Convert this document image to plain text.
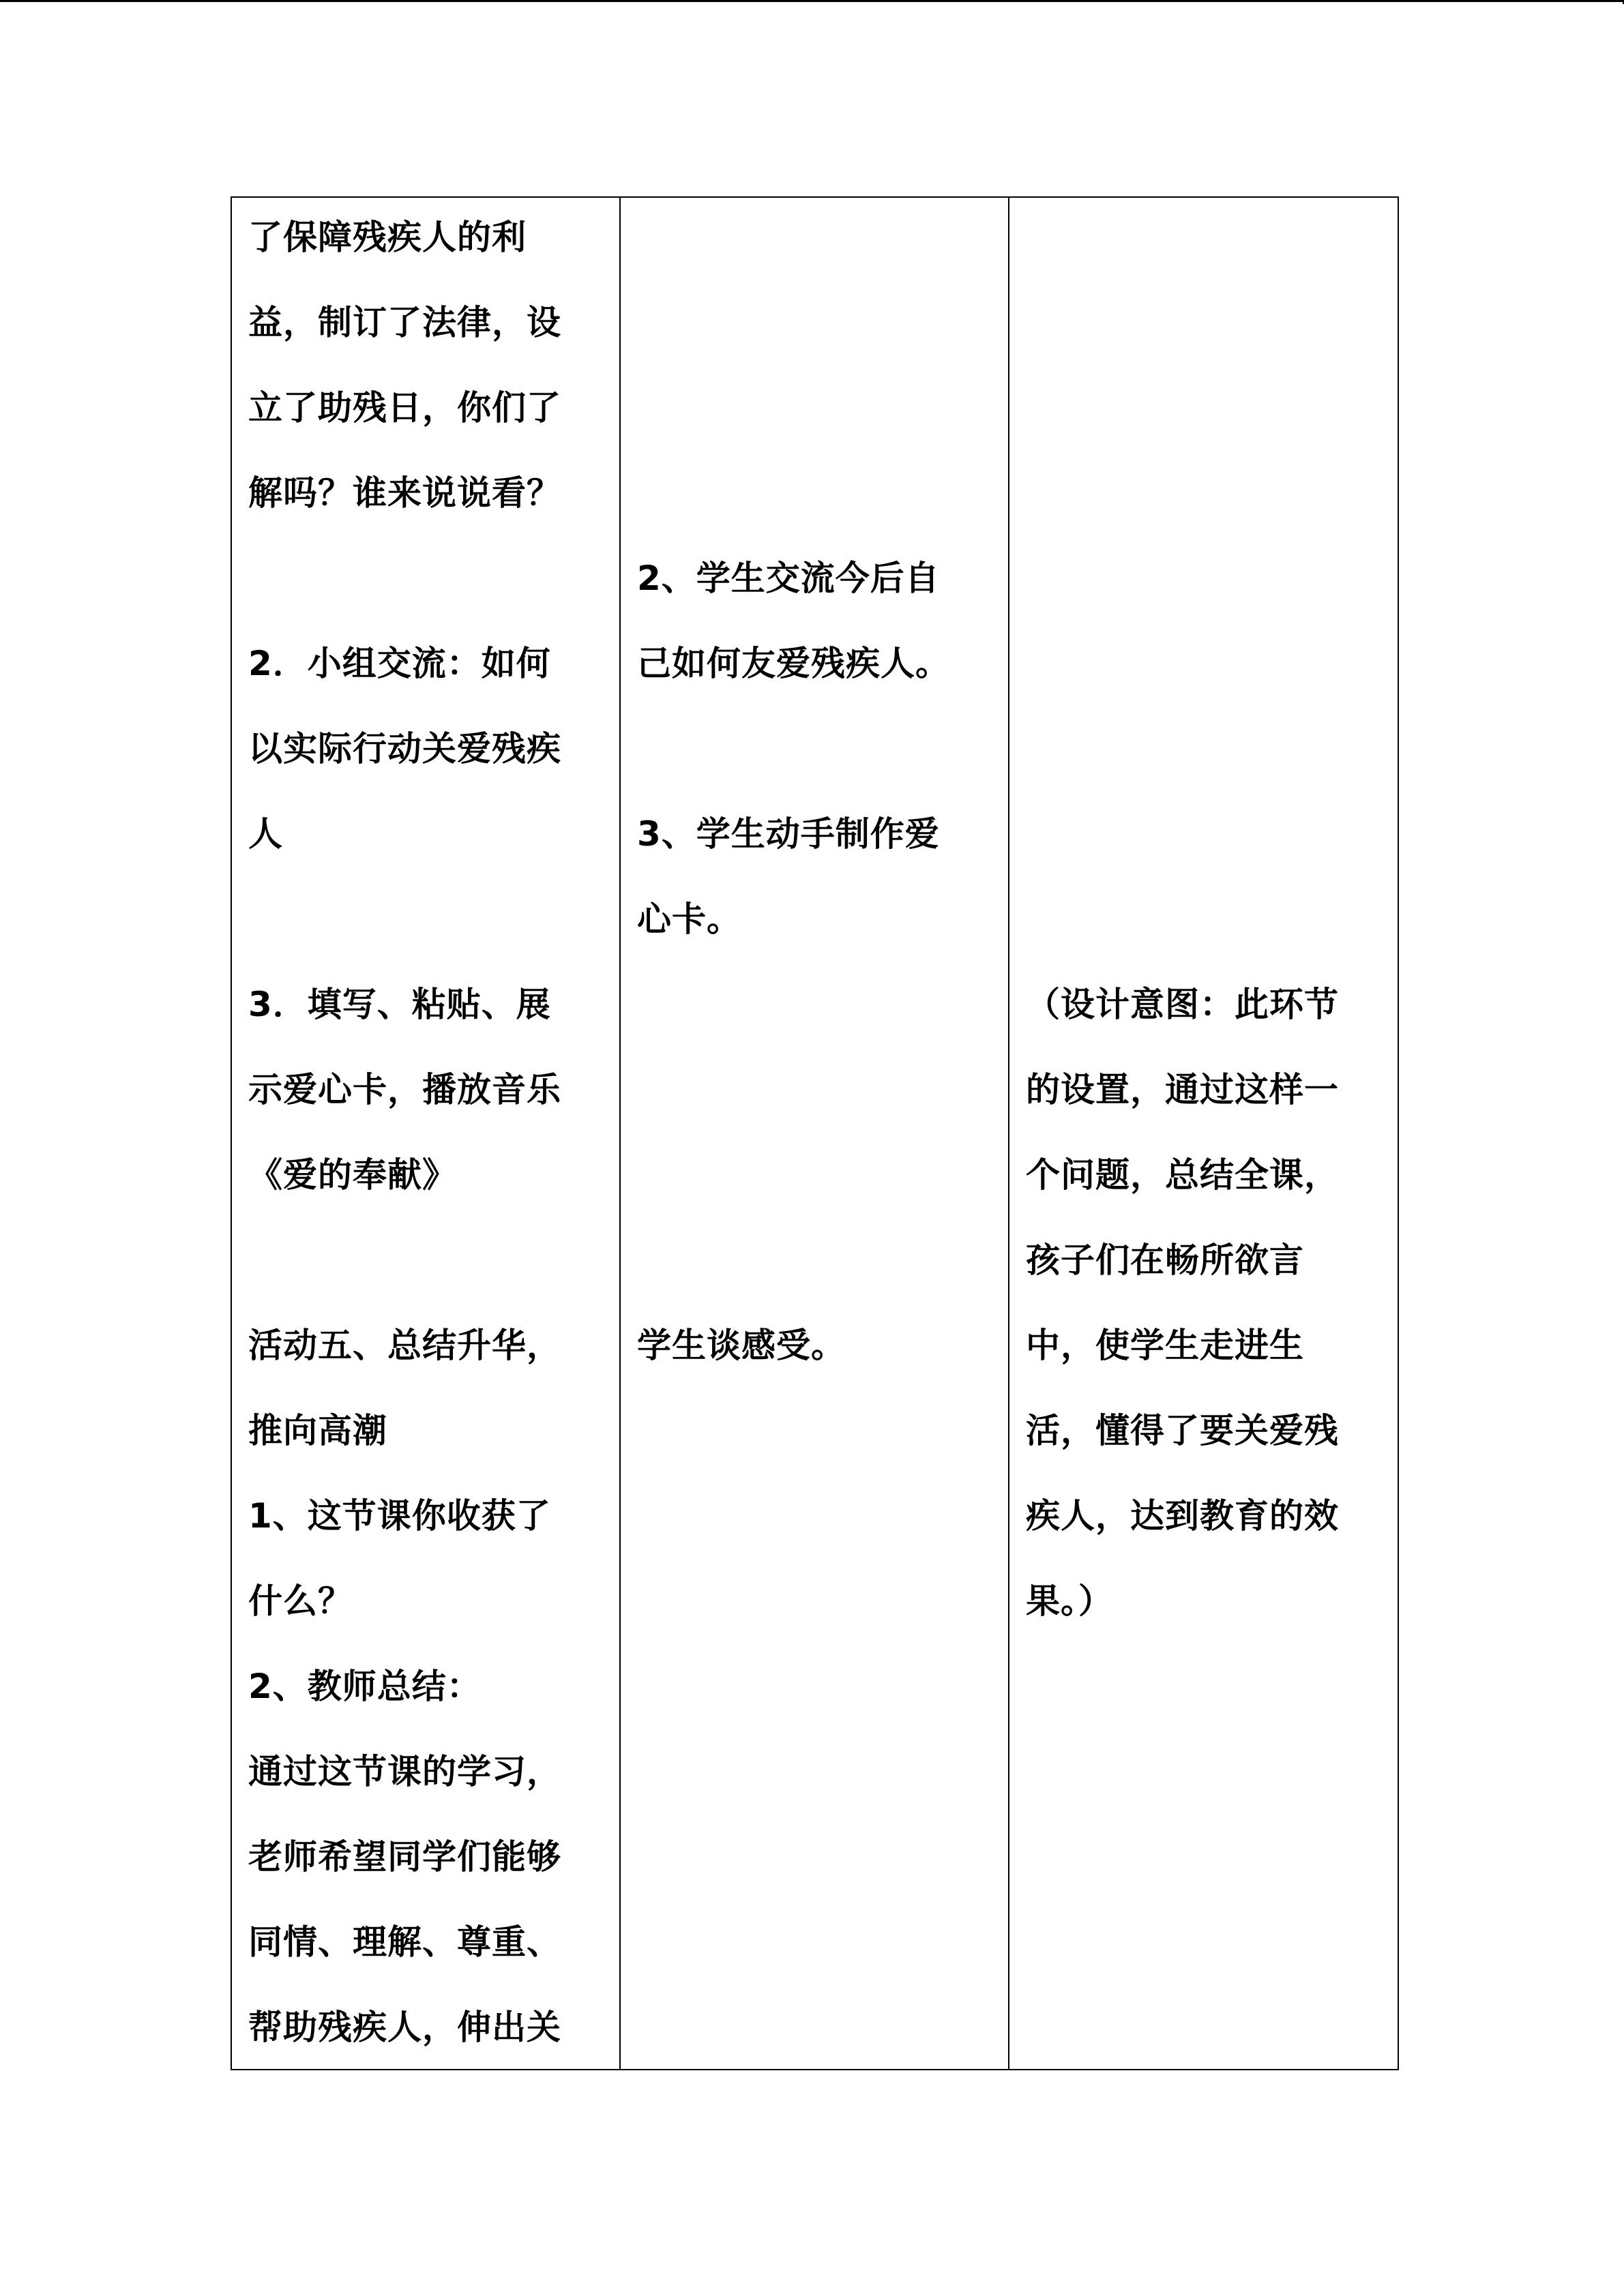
了保障残疾人的利
益，制订了法律，设
立了助残日，你们了
解吗？谁来说说看？
2．小组交流：如何
以实际行动关爱残疾
人
3．填写、粘贴、展
示爱心卡，播放音乐
《爱的奉献》
活动五、总结升华，
推向高潮
1、这节课你收获了
什么？
2、教师总结：
通过这节课的学习，
老师希望同学们能够
同情、理解、尊重、
帮助残疾人，伸出关

2、学生交流今后自
己如何友爱残疾人。
3、学生动手制作爱
心卡。
学生谈感受。

（设计意图：此环节
的设置，通过这样一
个问题，总结全课，
孩子们在畅所欲言
中，使学生走进生
活，懂得了要关爱残
疾人，达到教育的效
果。）
